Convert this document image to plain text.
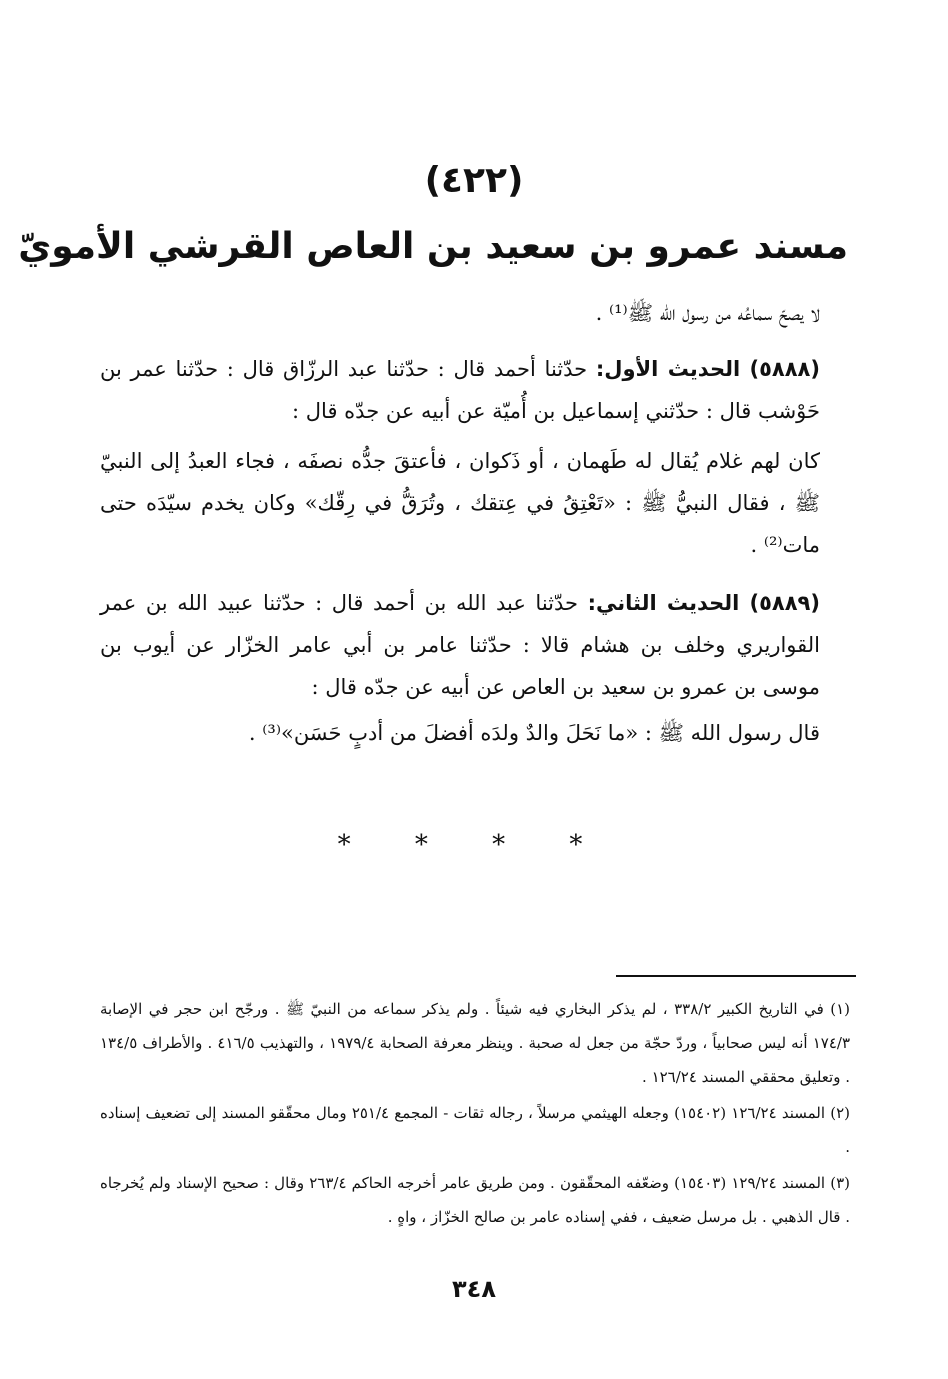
(٤٢٢)
مسند عمرو بن سعيد بن العاص القرشي الأمويّ

لا يصحّ سماعُه من رسول الله ﷺ⁽¹⁾ .

(٥٨٨٨) الحديث الأول: حدّثنا أحمد قال : حدّثنا عبد الرزّاق قال : حدّثنا عمر بن حَوْشب قال : حدّثني إسماعيل بن أُميّة عن أبيه عن جدّه قال :

كان لهم غلام يُقال له طَهمان ، أو ذَكوان ، فأعتقَ جدُّه نصفَه ، فجاء العبدُ إلى النبيّ ﷺ ، فقال النبيُّ ﷺ : «تَعْتِقُ في عِتقك ، وتُرَقُّ في رِقّك» وكان يخدم سيّدَه حتى مات⁽²⁾ .

(٥٨٨٩) الحديث الثاني: حدّثنا عبد الله بن أحمد قال : حدّثنا عبيد الله بن عمر القواريري وخلف بن هشام قالا : حدّثنا عامر بن أبي عامر الخزّار عن أيوب بن موسى بن عمرو بن سعيد بن العاص عن أبيه عن جدّه قال :

قال رسول الله ﷺ : «ما نَحَلَ والدٌ ولدَه أفضلَ من أدبٍ حَسَن»⁽³⁾ .

* * * *

(١) في التاريخ الكبير ٣٣٨/٢ ، لم يذكر البخاري فيه شيئاً . ولم يذكر سماعه من النبيّ ﷺ . ورجّح ابن حجر في الإصابة ١٧٤/٣ أنه ليس صحابياً ، وردّ حجّة من جعل له صحبة . وينظر معرفة الصحابة ١٩٧٩/٤ ، والتهذيب ٤١٦/٥ . والأطراف ١٣٤/٥ . وتعليق محققي المسند ١٢٦/٢٤ .

(٢) المسند ١٢٦/٢٤ (١٥٤٠٢) وجعله الهيثمي مرسلاً ، رجاله ثقات - المجمع ٢٥١/٤ ومال محقّقو المسند إلى تضعيف إسناده .

(٣) المسند ١٢٩/٢٤ (١٥٤٠٣) وضعّفه المحقّقون . ومن طريق عامر أخرجه الحاكم ٢٦٣/٤ وقال : صحيح الإسناد ولم يُخرجاه . قال الذهبي . بل مرسل ضعيف ، ففي إسناده عامر بن صالح الخزّاز ، واهٍ .

٣٤٨
